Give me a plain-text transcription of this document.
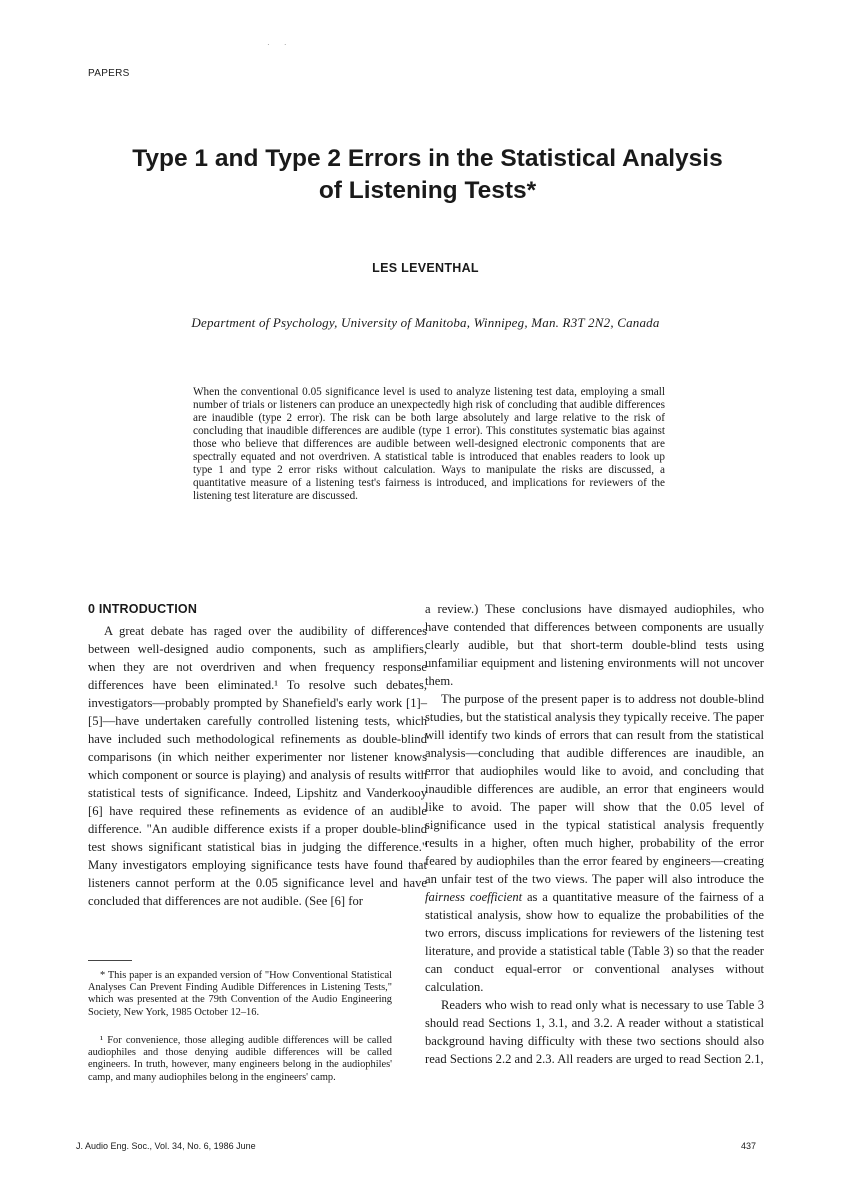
· ·
PAPERS
Type 1 and Type 2 Errors in the Statistical Analysis
of Listening Tests*
LES LEVENTHAL
Department of Psychology, University of Manitoba, Winnipeg, Man. R3T 2N2, Canada
When the conventional 0.05 significance level is used to analyze listening test data, employing a small number of trials or listeners can produce an unexpectedly high risk of concluding that audible differences are inaudible (type 2 error). The risk can be both large absolutely and large relative to the risk of concluding that inaudible differences are audible (type 1 error). This constitutes systematic bias against those who believe that differences are audible between well-designed electronic components that are spectrally equated and not overdriven. A statistical table is introduced that enables readers to look up type 1 and type 2 error risks without calculation. Ways to manipulate the risks are discussed, a quantitative measure of a listening test's fairness is introduced, and implications for reviewers of the listening test literature are discussed.
0 INTRODUCTION

A great debate has raged over the audibility of differences between well-designed audio components, such as amplifiers, when they are not overdriven and when frequency response differences have been eliminated.¹ To resolve such debates, investigators—probably prompted by Shanefield's early work [1]–[5]—have undertaken carefully controlled listening tests, which have included such methodological refinements as double-blind comparisons (in which neither experimenter nor listener knows which component or source is playing) and analysis of results with statistical tests of significance. Indeed, Lipshitz and Vanderkooy [6] have required these refinements as evidence of an audible difference. "An audible difference exists if a proper double-blind test shows significant statistical bias in judging the difference." Many investigators employing significance tests have found that listeners cannot perform at the 0.05 significance level and have concluded that differences are not audible. (See [6] for

a review.) These conclusions have dismayed audiophiles, who have contended that differences between components are usually clearly audible, but that short-term double-blind tests using unfamiliar equipment and listening environments will not uncover them.

The purpose of the present paper is to address not double-blind studies, but the statistical analysis they typically receive. The paper will identify two kinds of errors that can result from the statistical analysis—concluding that audible differences are inaudible, an error that audiophiles would like to avoid, and concluding that inaudible differences are audible, an error that engineers would like to avoid. The paper will show that the 0.05 level of significance used in the typical statistical analysis frequently results in a higher, often much higher, probability of the error feared by audiophiles than the error feared by engineers—creating an unfair test of the two views. The paper will also introduce the fairness coefficient as a quantitative measure of the fairness of a statistical analysis, show how to equalize the probabilities of the two errors, discuss implications for reviewers of the listening test literature, and provide a statistical table (Table 3) so that the reader can conduct equal-error or conventional analyses without calculation.

Readers who wish to read only what is necessary to use Table 3 should read Sections 1, 3.1, and 3.2. A reader without a statistical background having difficulty with these two sections should also read Sections 2.2 and 2.3. All readers are urged to read Section 2.1,

* This paper is an expanded version of "How Conventional Statistical Analyses Can Prevent Finding Audible Differences in Listening Tests," which was presented at the 79th Convention of the Audio Engineering Society, New York, 1985 October 12–16.

¹ For convenience, those alleging audible differences will be called audiophiles and those denying audible differences will be called engineers. In truth, however, many engineers belong in the audiophiles' camp, and many audiophiles belong in the engineers' camp.

J. Audio Eng. Soc., Vol. 34, No. 6, 1986 June	437
